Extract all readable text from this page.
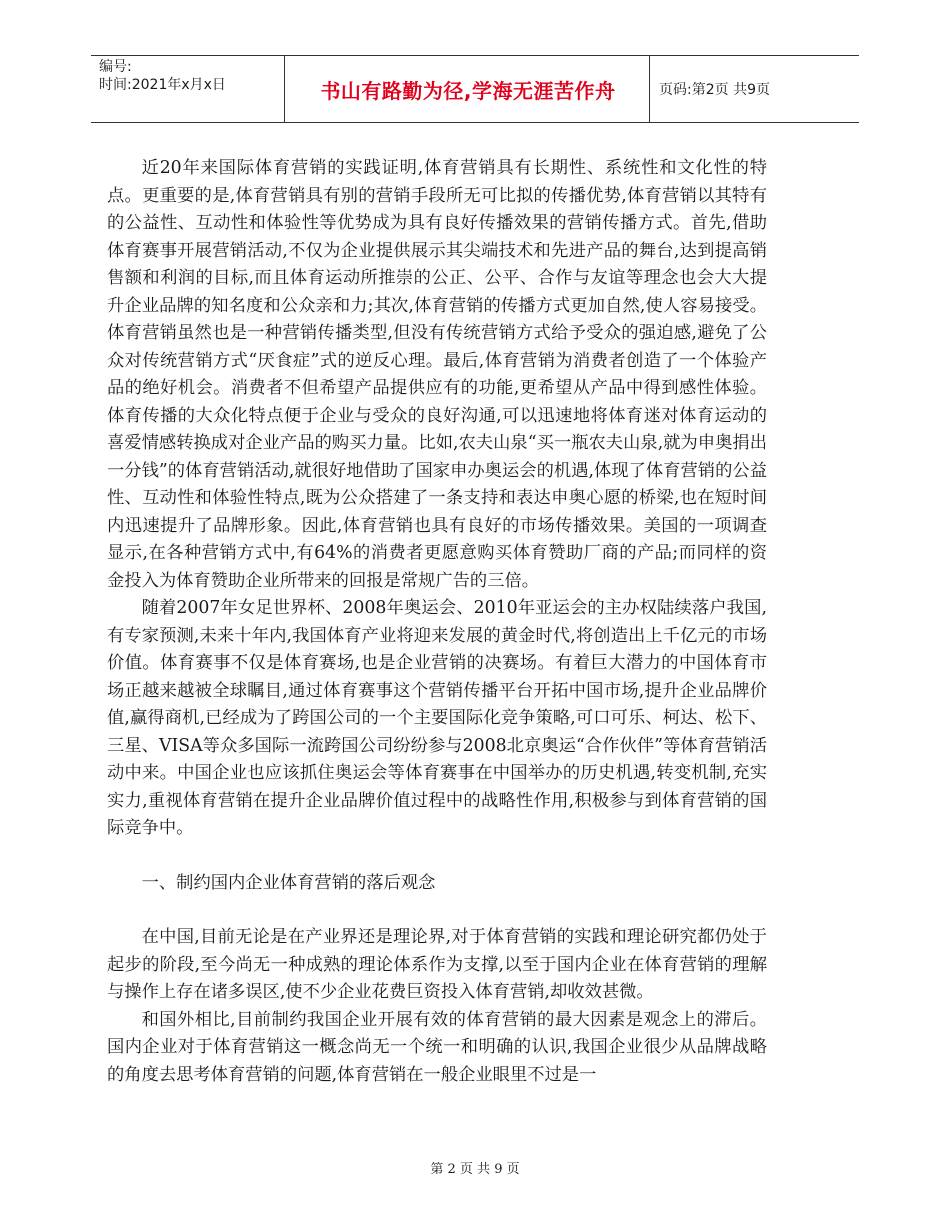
编号:
时间:2021年x月x日	书山有路勤为径,学海无涯苦作舟	页码:第2页 共9页

近20年来国际体育营销的实践证明,体育营销具有长期性、系统性和文化性的特点。更重要的是,体育营销具有别的营销手段所无可比拟的传播优势,体育营销以其特有的公益性、互动性和体验性等优势成为具有良好传播效果的营销传播方式。首先,借助体育赛事开展营销活动,不仅为企业提供展示其尖端技术和先进产品的舞台,达到提高销售额和利润的目标,而且体育运动所推崇的公正、公平、合作与友谊等理念也会大大提升企业品牌的知名度和公众亲和力;其次,体育营销的传播方式更加自然,使人容易接受。体育营销虽然也是一种营销传播类型,但没有传统营销方式给予受众的强迫感,避免了公众对传统营销方式“厌食症”式的逆反心理。最后,体育营销为消费者创造了一个体验产品的绝好机会。消费者不但希望产品提供应有的功能,更希望从产品中得到感性体验。体育传播的大众化特点便于企业与受众的良好沟通,可以迅速地将体育迷对体育运动的喜爱情感转换成对企业产品的购买力量。比如,农夫山泉“买一瓶农夫山泉,就为申奥捐出一分钱”的体育营销活动,就很好地借助了国家申办奥运会的机遇,体现了体育营销的公益性、互动性和体验性特点,既为公众搭建了一条支持和表达申奥心愿的桥梁,也在短时间内迅速提升了品牌形象。因此,体育营销也具有良好的市场传播效果。美国的一项调查显示,在各种营销方式中,有64%的消费者更愿意购买体育赞助厂商的产品;而同样的资金投入为体育赞助企业所带来的回报是常规广告的三倍。

随着2007年女足世界杯、2008年奥运会、2010年亚运会的主办权陆续落户我国,有专家预测,未来十年内,我国体育产业将迎来发展的黄金时代,将创造出上千亿元的市场价值。体育赛事不仅是体育赛场,也是企业营销的决赛场。有着巨大潜力的中国体育市场正越来越被全球瞩目,通过体育赛事这个营销传播平台开拓中国市场,提升企业品牌价值,赢得商机,已经成为了跨国公司的一个主要国际化竞争策略,可口可乐、柯达、松下、三星、VISA等众多国际一流跨国公司纷纷参与2008北京奥运“合作伙伴”等体育营销活动中来。中国企业也应该抓住奥运会等体育赛事在中国举办的历史机遇,转变机制,充实实力,重视体育营销在提升企业品牌价值过程中的战略性作用,积极参与到体育营销的国际竞争中。

一、制约国内企业体育营销的落后观念

在中国,目前无论是在产业界还是理论界,对于体育营销的实践和理论研究都仍处于起步的阶段,至今尚无一种成熟的理论体系作为支撑,以至于国内企业在体育营销的理解与操作上存在诸多误区,使不少企业花费巨资投入体育营销,却收效甚微。

和国外相比,目前制约我国企业开展有效的体育营销的最大因素是观念上的滞后。国内企业对于体育营销这一概念尚无一个统一和明确的认识,我国企业很少从品牌战略的角度去思考体育营销的问题,体育营销在一般企业眼里不过是一

第 2 页 共 9 页
